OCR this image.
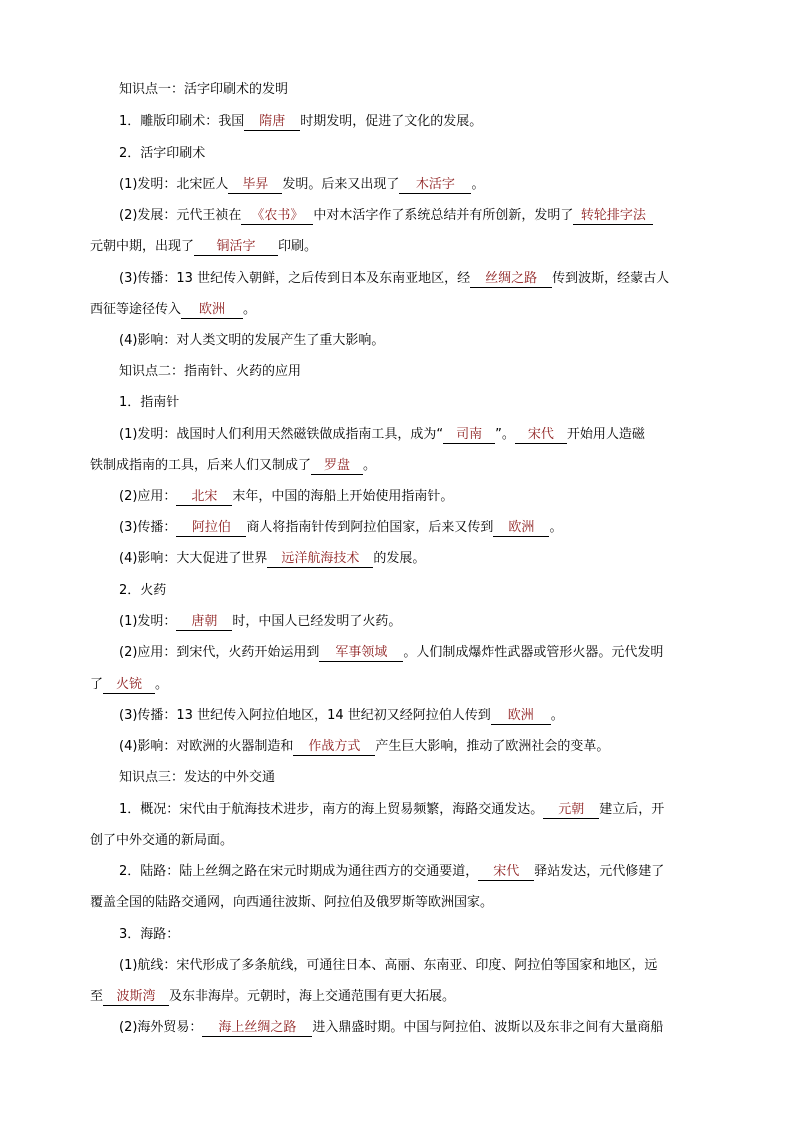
知识点一：活字印刷术的发明
1．雕版印刷术：我国 隋唐 时期发明，促进了文化的发展。
2．活字印刷术
(1)发明：北宋匠人 毕昇 发明。后来又出现了 木活字 。
(2)发展：元代王祯在 《农书》 中对木活字作了系统总结并有所创新，发明了 转轮排字法
元朝中期，出现了 铜活字 印刷。
(3)传播：13 世纪传入朝鲜，之后传到日本及东南亚地区，经 丝绸之路 传到波斯，经蒙古人
西征等途径传入 欧洲 。
(4)影响：对人类文明的发展产生了重大影响。
知识点二：指南针、火药的应用
1．指南针
(1)发明：战国时人们利用天然磁铁做成指南工具，成为“ 司南 ”。 宋代 开始用人造磁
铁制成指南的工具，后来人们又制成了 罗盘 。
(2)应用： 北宋 末年，中国的海船上开始使用指南针。
(3)传播： 阿拉伯 商人将指南针传到阿拉伯国家，后来又传到 欧洲 。
(4)影响：大大促进了世界 远洋航海技术 的发展。
2．火药
(1)发明： 唐朝 时，中国人已经发明了火药。
(2)应用：到宋代，火药开始运用到 军事领域 。人们制成爆炸性武器或管形火器。元代发明
了 火铳 。
(3)传播：13 世纪传入阿拉伯地区，14 世纪初又经阿拉伯人传到 欧洲 。
(4)影响：对欧洲的火器制造和 作战方式 产生巨大影响，推动了欧洲社会的变革。
知识点三：发达的中外交通
1．概况：宋代由于航海技术进步，南方的海上贸易频繁，海路交通发达。 元朝 建立后，开
创了中外交通的新局面。
2．陆路：陆上丝绸之路在宋元时期成为通往西方的交通要道， 宋代 驿站发达，元代修建了
覆盖全国的陆路交通网，向西通往波斯、阿拉伯及俄罗斯等欧洲国家。
3．海路：
(1)航线：宋代形成了多条航线，可通往日本、高丽、东南亚、印度、阿拉伯等国家和地区，远
至 波斯湾 及东非海岸。元朝时，海上交通范围有更大拓展。
(2)海外贸易： 海上丝绸之路 进入鼎盛时期。中国与阿拉伯、波斯以及东非之间有大量商船
